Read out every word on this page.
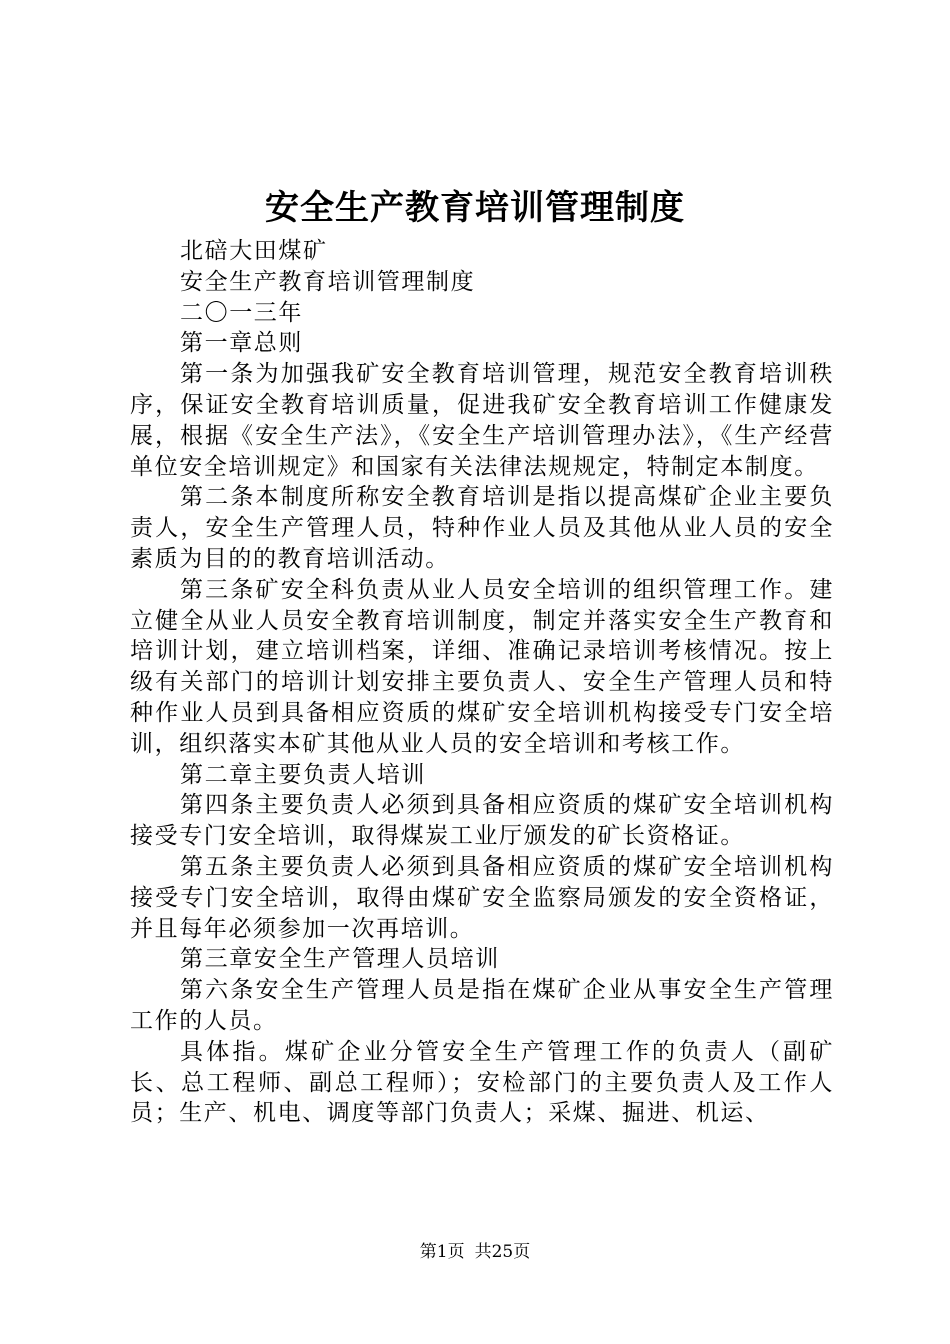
安全生产教育培训管理制度

北碚大田煤矿

安全生产教育培训管理制度

二〇一三年

第一章总则

第一条为加强我矿安全教育培训管理，规范安全教育培训秩序，保证安全教育培训质量，促进我矿安全教育培训工作健康发展，根据《安全生产法》，《安全生产培训管理办法》，《生产经营单位安全培训规定》和国家有关法律法规规定，特制定本制度。

第二条本制度所称安全教育培训是指以提高煤矿企业主要负责人，安全生产管理人员，特种作业人员及其他从业人员的安全素质为目的的教育培训活动。

第三条矿安全科负责从业人员安全培训的组织管理工作。建立健全从业人员安全教育培训制度，制定并落实安全生产教育和培训计划，建立培训档案，详细、准确记录培训考核情况。按上级有关部门的培训计划安排主要负责人、安全生产管理人员和特种作业人员到具备相应资质的煤矿安全培训机构接受专门安全培训，组织落实本矿其他从业人员的安全培训和考核工作。

第二章主要负责人培训

第四条主要负责人必须到具备相应资质的煤矿安全培训机构接受专门安全培训，取得煤炭工业厅颁发的矿长资格证。

第五条主要负责人必须到具备相应资质的煤矿安全培训机构接受专门安全培训，取得由煤矿安全监察局颁发的安全资格证，并且每年必须参加一次再培训。

第三章安全生产管理人员培训

第六条安全生产管理人员是指在煤矿企业从事安全生产管理工作的人员。

具体指。煤矿企业分管安全生产管理工作的负责人（副矿长、总工程师、副总工程师）；安检部门的主要负责人及工作人员；生产、机电、调度等部门负责人；采煤、掘进、机运、

第1页 共25页
